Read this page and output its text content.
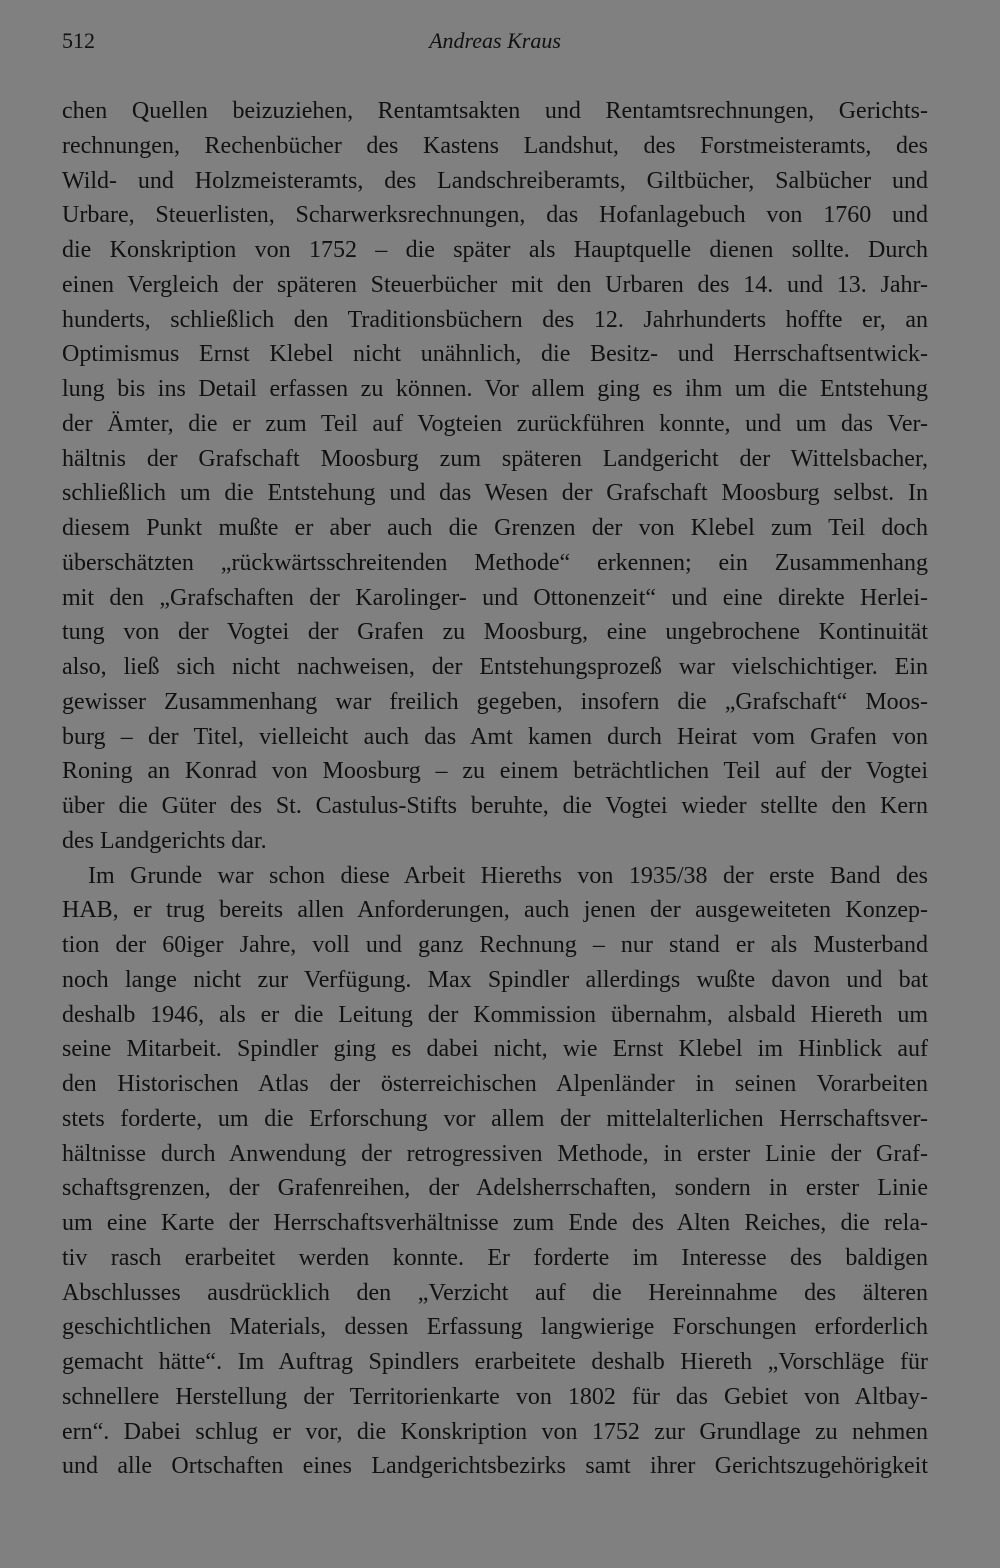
512	Andreas Kraus
chen Quellen beizuziehen, Rentamtsakten und Rentamtsrechnungen, Gerichts-
rechnungen, Rechenbücher des Kastens Landshut, des Forstmeisteramts, des
Wild- und Holzmeisteramts, des Landschreiberamts, Giltbücher, Salbücher und
Urbare, Steuerlisten, Scharwerksrechnungen, das Hofanlagebuch von 1760 und
die Konskription von 1752 – die später als Hauptquelle dienen sollte. Durch
einen Vergleich der späteren Steuerbücher mit den Urbaren des 14. und 13. Jahr-
hunderts, schließlich den Traditionsbüchern des 12. Jahrhunderts hoffte er, an
Optimismus Ernst Klebel nicht unähnlich, die Besitz- und Herrschaftsentwick-
lung bis ins Detail erfassen zu können. Vor allem ging es ihm um die Entstehung
der Ämter, die er zum Teil auf Vogteien zurückführen konnte, und um das Ver-
hältnis der Grafschaft Moosburg zum späteren Landgericht der Wittelsbacher,
schließlich um die Entstehung und das Wesen der Grafschaft Moosburg selbst. In
diesem Punkt mußte er aber auch die Grenzen der von Klebel zum Teil doch
überschätzten „rückwärtsschreitenden Methode“ erkennen; ein Zusammenhang
mit den „Grafschaften der Karolinger- und Ottonenzeit“ und eine direkte Herlei-
tung von der Vogtei der Grafen zu Moosburg, eine ungebrochene Kontinuität
also, ließ sich nicht nachweisen, der Entstehungsprozeß war vielschichtiger. Ein
gewisser Zusammenhang war freilich gegeben, insofern die „Grafschaft“ Moos-
burg – der Titel, vielleicht auch das Amt kamen durch Heirat vom Grafen von
Roning an Konrad von Moosburg – zu einem beträchtlichen Teil auf der Vogtei
über die Güter des St. Castulus-Stifts beruhte, die Vogtei wieder stellte den Kern
des Landgerichts dar.
Im Grunde war schon diese Arbeit Hiereths von 1935/38 der erste Band des
HAB, er trug bereits allen Anforderungen, auch jenen der ausgeweiteten Konzep-
tion der 60iger Jahre, voll und ganz Rechnung – nur stand er als Musterband
noch lange nicht zur Verfügung. Max Spindler allerdings wußte davon und bat
deshalb 1946, als er die Leitung der Kommission übernahm, alsbald Hiereth um
seine Mitarbeit. Spindler ging es dabei nicht, wie Ernst Klebel im Hinblick auf
den Historischen Atlas der österreichischen Alpenländer in seinen Vorarbeiten
stets forderte, um die Erforschung vor allem der mittelalterlichen Herrschaftsver-
hältnisse durch Anwendung der retrogressiven Methode, in erster Linie der Graf-
schaftsgrenzen, der Grafenreihen, der Adelsherrschaften, sondern in erster Linie
um eine Karte der Herrschaftsverhältnisse zum Ende des Alten Reiches, die rela-
tiv rasch erarbeitet werden konnte. Er forderte im Interesse des baldigen
Abschlusses ausdrücklich den „Verzicht auf die Hereinnahme des älteren
geschichtlichen Materials, dessen Erfassung langwierige Forschungen erforderlich
gemacht hätte“. Im Auftrag Spindlers erarbeitete deshalb Hiereth „Vorschläge für
schnellere Herstellung der Territorienkarte von 1802 für das Gebiet von Altbay-
ern“. Dabei schlug er vor, die Konskription von 1752 zur Grundlage zu nehmen
und alle Ortschaften eines Landgerichtsbezirks samt ihrer Gerichtszugehörigkeit
